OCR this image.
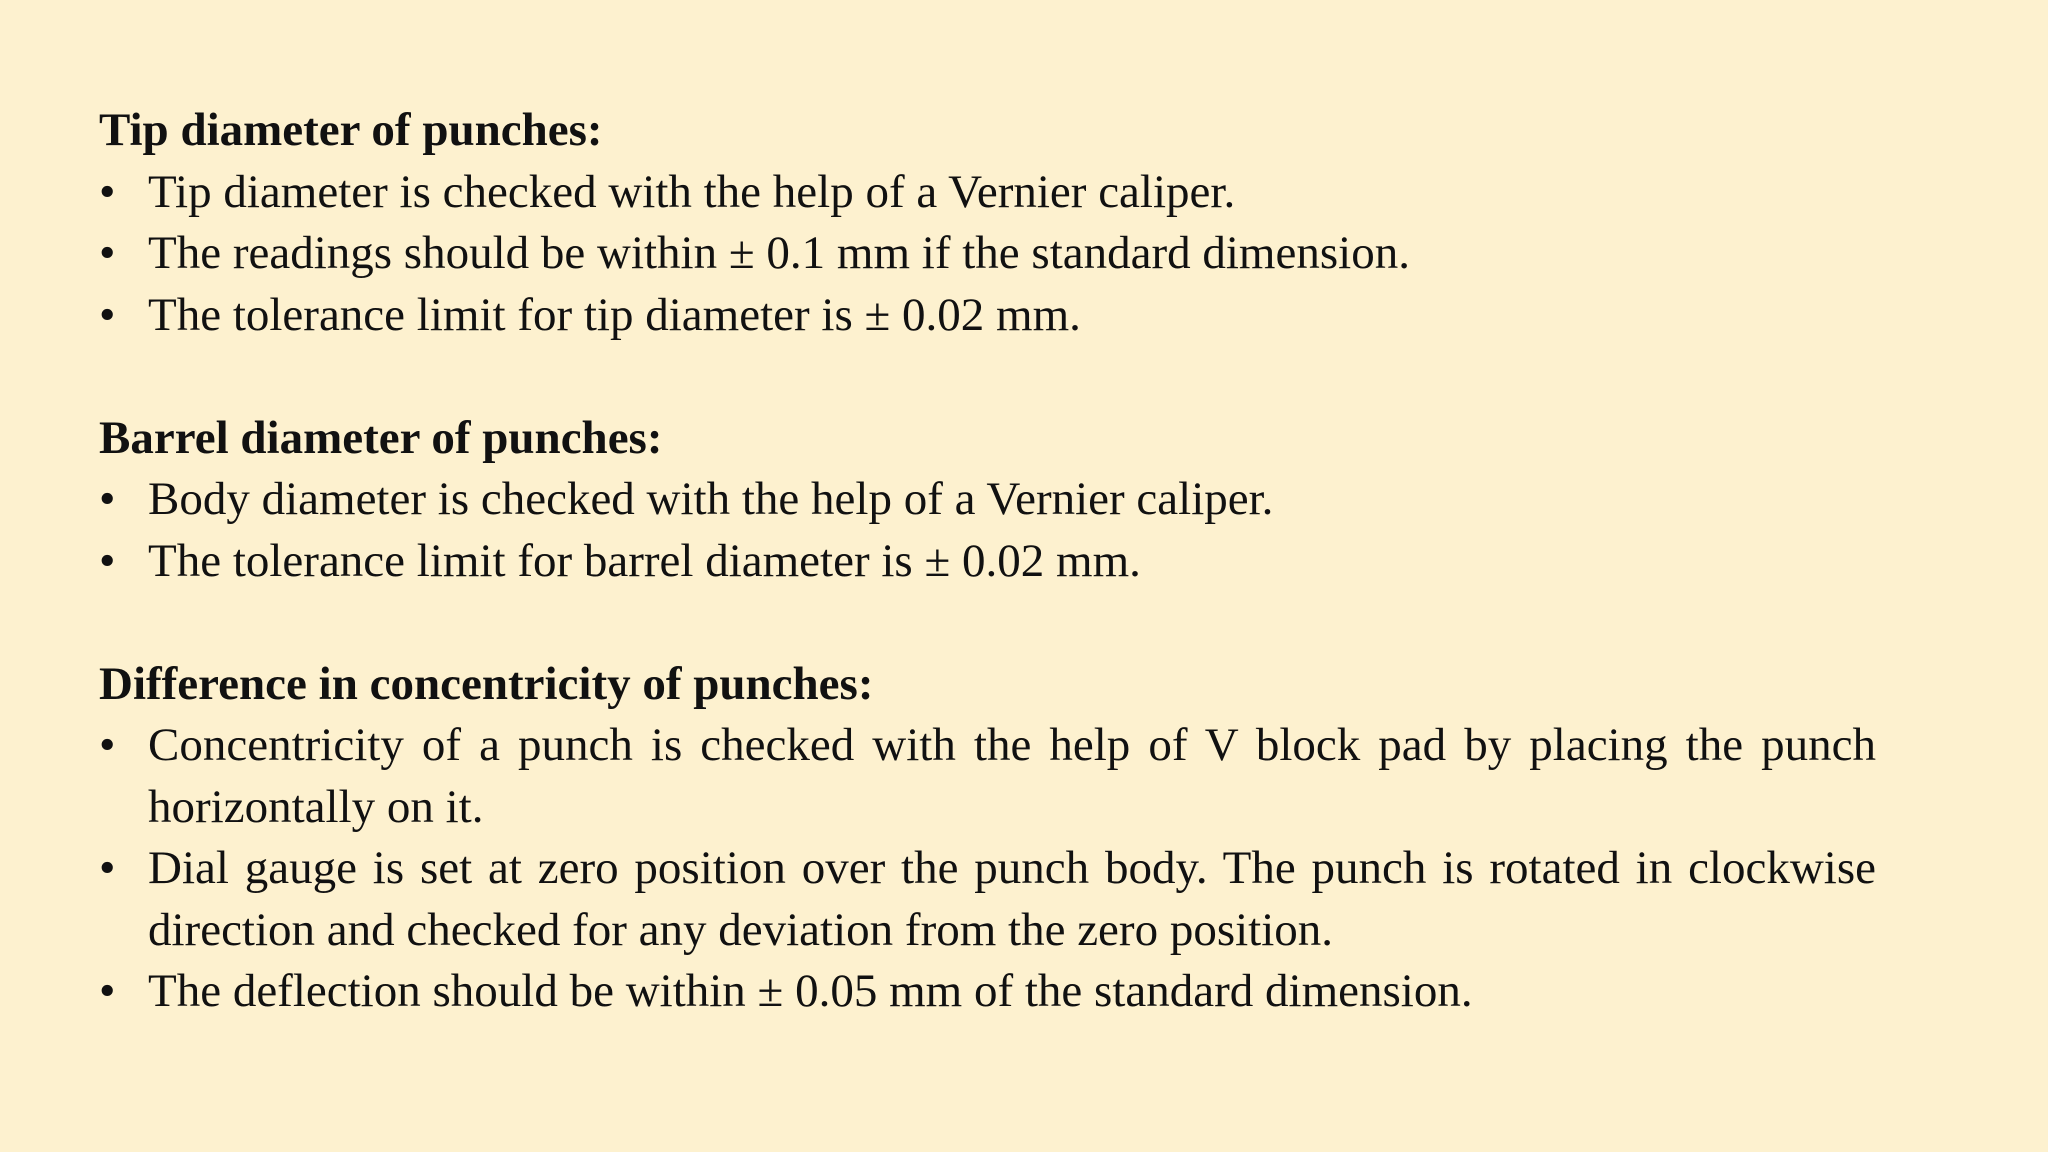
Tip diameter of punches:
• Tip diameter is checked with the help of a Vernier caliper.
• The readings should be within ± 0.1 mm if the standard dimension.
• The tolerance limit for tip diameter is ± 0.02 mm.
Barrel diameter of punches:
• Body diameter is checked with the help of a Vernier caliper.
• The tolerance limit for barrel diameter is ± 0.02 mm.
Difference in concentricity of punches:
• Concentricity of a punch is checked with the help of V block pad by placing the punch horizontally on it.
• Dial gauge is set at zero position over the punch body. The punch is rotated in clockwise direction and checked for any deviation from the zero position.
• The deflection should be within ± 0.05 mm of the standard dimension.
